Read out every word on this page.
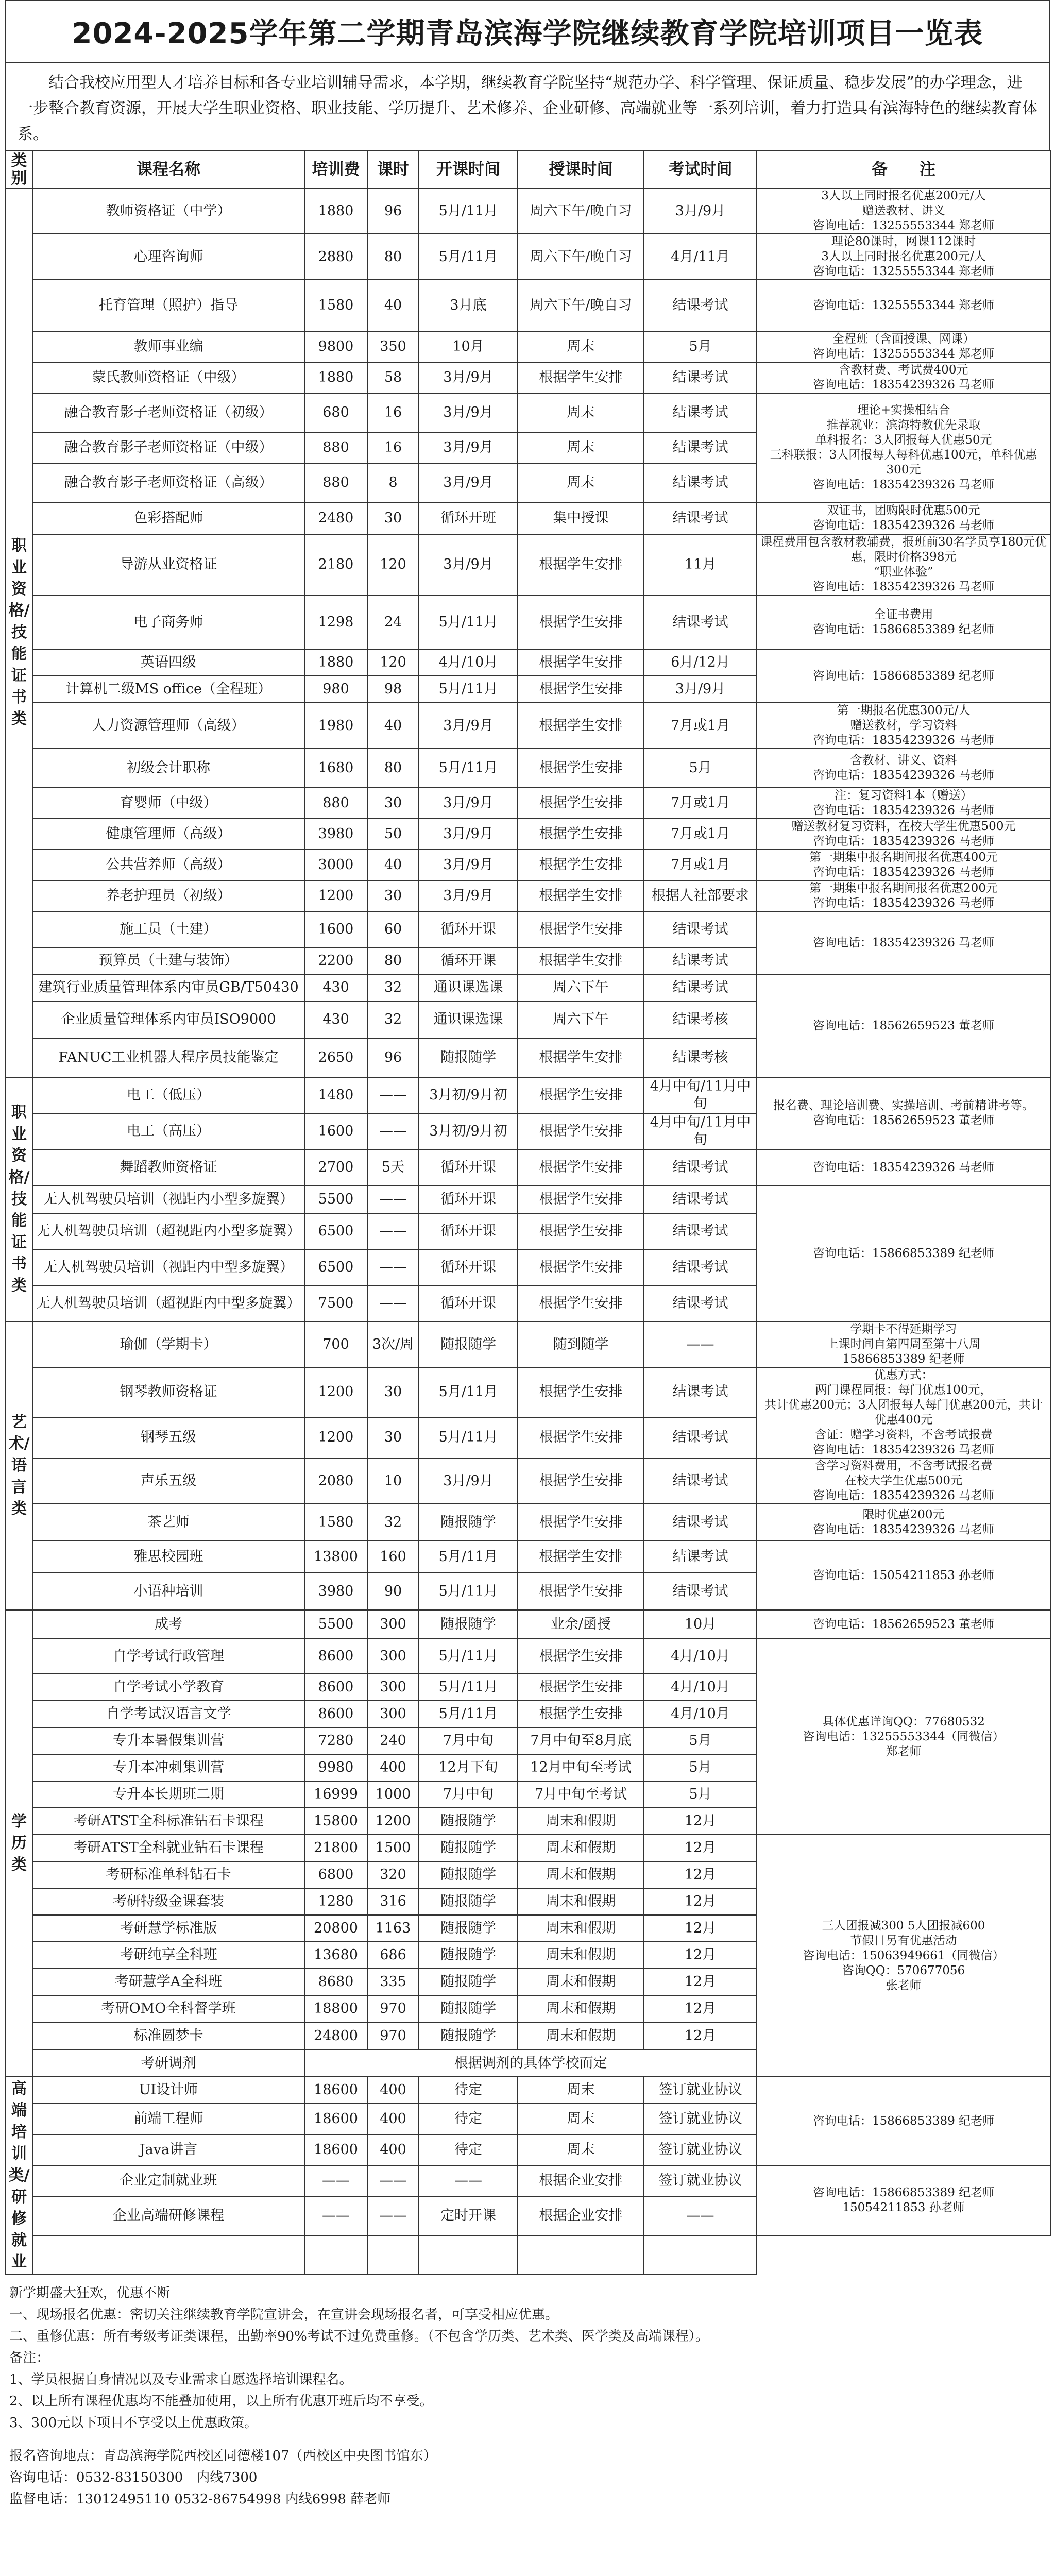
2024-2025学年第二学期青岛滨海学院继续教育学院培训项目一览表
结合我校应用型人才培养目标和各专业培训辅导需求，本学期，继续教育学院坚持“规范办学、科学管理、保证质量、稳步发展”的办学理念，进一步整合教育资源，开展大学生职业资格、职业技能、学历提升、艺术修养、企业研修、高端就业等一系列培训，着力打造具有滨海特色的继续教育体系。
类别	课程名称	培训费	课时	开课时间	授课时间	考试时间	备　　注
职业资格/技能证书类	教师资格证（中学）	1880	96	5月/11月	周六下午/晚自习	3月/9月	3人以上同时报名优惠200元/人
赠送教材、讲义
咨询电话：13255553344 郑老师
	心理咨询师	2880	80	5月/11月	周六下午/晚自习	4月/11月	理论80课时，网课112课时
3人以上同时报名优惠200元/人
咨询电话：13255553344 郑老师
	托育管理（照护）指导	1580	40	3月底	周六下午/晚自习	结课考试	咨询电话：13255553344 郑老师
	教师事业编	9800	350	10月	周末	5月	全程班（含面授课、网课）
咨询电话：13255553344 郑老师
	蒙氏教师资格证（中级）	1880	58	3月/9月	根据学生安排	结课考试	含教材费、考试费400元
咨询电话：18354239326 马老师
	融合教育影子老师资格证（初级）	680	16	3月/9月	周末	结课考试	理论+实操相结合
推荐就业：滨海特教优先录取
单科报名：3人团报每人优惠50元
三科联报：3人团报每人每科优惠100元，单科优惠300元
咨询电话：18354239326 马老师
	融合教育影子老师资格证（中级）	880	16	3月/9月	周末	结课考试	
	融合教育影子老师资格证（高级）	880	8	3月/9月	周末	结课考试	
	色彩搭配师	2480	30	循环开班	集中授课	结课考试	双证书，团购限时优惠500元
咨询电话：18354239326 马老师
	导游从业资格证	2180	120	3月/9月	根据学生安排	11月	课程费用包含教材教辅费，报班前30名学员享180元优惠，限时价格398元
“职业体验”
咨询电话：18354239326 马老师
	电子商务师	1298	24	5月/11月	根据学生安排	结课考试	全证书费用
咨询电话：15866853389 纪老师
	英语四级	1880	120	4月/10月	根据学生安排	6月/12月	咨询电话：15866853389 纪老师
	计算机二级MS office（全程班）	980	98	5月/11月	根据学生安排	3月/9月	
	人力资源管理师（高级）	1980	40	3月/9月	根据学生安排	7月或1月	第一期报名优惠300元/人
赠送教材，学习资料
咨询电话：18354239326 马老师
	初级会计职称	1680	80	5月/11月	根据学生安排	5月	含教材、讲义、资料
咨询电话：18354239326 马老师
	育婴师（中级）	880	30	3月/9月	根据学生安排	7月或1月	注：复习资料1本（赠送）
咨询电话：18354239326 马老师
	健康管理师（高级）	3980	50	3月/9月	根据学生安排	7月或1月	赠送教材复习资料，在校大学生优惠500元
咨询电话：18354239326 马老师
	公共营养师（高级）	3000	40	3月/9月	根据学生安排	7月或1月	第一期集中报名期间报名优惠400元
咨询电话：18354239326 马老师
	养老护理员（初级）	1200	30	3月/9月	根据学生安排	根据人社部要求	第一期集中报名期间报名优惠200元
咨询电话：18354239326 马老师
	施工员（土建）	1600	60	循环开课	根据学生安排	结课考试	咨询电话：18354239326 马老师
	预算员（土建与装饰）	2200	80	循环开课	根据学生安排	结课考试	
	建筑行业质量管理体系内审员GB/T50430	430	32	通识课选课	周六下午	结课考试	咨询电话：18562659523 董老师
	企业质量管理体系内审员ISO9000	430	32	通识课选课	周六下午	结课考核	
	FANUC工业机器人程序员技能鉴定	2650	96	随报随学	根据学生安排	结课考核	
职业资格/技能证书类	电工（低压）	1480	——	3月初/9月初	根据学生安排	4月中旬/11月中旬	报名费、理论培训费、实操培训、考前精讲考等。
咨询电话：18562659523 董老师
	电工（高压）	1600	——	3月初/9月初	根据学生安排	4月中旬/11月中旬	
	舞蹈教师资格证	2700	5天	循环开课	根据学生安排	结课考试	咨询电话：18354239326 马老师
	无人机驾驶员培训（视距内小型多旋翼）	5500	——	循环开课	根据学生安排	结课考试	咨询电话：15866853389 纪老师
	无人机驾驶员培训（超视距内小型多旋翼）	6500	——	循环开课	根据学生安排	结课考试	
	无人机驾驶员培训（视距内中型多旋翼）	6500	——	循环开课	根据学生安排	结课考试	
	无人机驾驶员培训（超视距内中型多旋翼）	7500	——	循环开课	根据学生安排	结课考试	
艺术/语言类	瑜伽（学期卡）	700	3次/周	随报随学	随到随学	——	学期卡不得延期学习
上课时间自第四周至第十八周
15866853389 纪老师
	钢琴教师资格证	1200	30	5月/11月	根据学生安排	结课考试	优惠方式：
两门课程同报：每门优惠100元，
共计优惠200元；3人团报每人每门优惠200元，共计优惠400元
含证：赠学习资料，不含考试报费
咨询电话：18354239326 马老师
	钢琴五级	1200	30	5月/11月	根据学生安排	结课考试	
	声乐五级	2080	10	3月/9月	根据学生安排	结课考试	含学习资料费用，不含考试报名费
在校大学生优惠500元
咨询电话：18354239326 马老师
	茶艺师	1580	32	随报随学	根据学生安排	结课考试	限时优惠200元
咨询电话：18354239326 马老师
	雅思校园班	13800	160	5月/11月	根据学生安排	结课考试	咨询电话：15054211853 孙老师
	小语种培训	3980	90	5月/11月	根据学生安排	结课考试	
学历类	成考	5500	300	随报随学	业余/函授	10月	咨询电话：18562659523 董老师
	自学考试行政管理	8600	300	5月/11月	根据学生安排	4月/10月	具体优惠详询QQ：77680532
咨询电话：13255553344（同微信）
郑老师
	自学考试小学教育	8600	300	5月/11月	根据学生安排	4月/10月	
	自学考试汉语言文学	8600	300	5月/11月	根据学生安排	4月/10月	
	专升本暑假集训营	7280	240	7月中旬	7月中旬至8月底	5月	
	专升本冲刺集训营	9980	400	12月下旬	12月中旬至考试	5月	
	专升本长期班二期	16999	1000	7月中旬	7月中旬至考试	5月	
	考研ATST全科标准钻石卡课程	15800	1200	随报随学	周末和假期	12月	
	考研ATST全科就业钻石卡课程	21800	1500	随报随学	周末和假期	12月	三人团报减300 5人团报减600
节假日另有优惠活动
咨询电话：15063949661（同微信）
咨询QQ：570677056
张老师
	考研标准单科钻石卡	6800	320	随报随学	周末和假期	12月	
	考研特级金课套装	1280	316	随报随学	周末和假期	12月	
	考研慧学标准版	20800	1163	随报随学	周末和假期	12月	
	考研纯享全科班	13680	686	随报随学	周末和假期	12月	
	考研慧学A全科班	8680	335	随报随学	周末和假期	12月	
	考研OMO全科督学班	18800	970	随报随学	周末和假期	12月	
	标准圆梦卡	24800	970	随报随学	周末和假期	12月	
	考研调剂	根据调剂的具体学校而定					
高端培训类/研修就业	UI设计师	18600	400	待定	周末	签订就业协议	咨询电话：15866853389 纪老师
	前端工程师	18600	400	待定	周末	签订就业协议	
	Java讲言	18600	400	待定	周末	签订就业协议	
	企业定制就业班	——	——	——	根据企业安排	签订就业协议	咨询电话：15866853389 纪老师
15054211853 孙老师
	企业高端研修课程	——	——	定时开课	根据企业安排	——	

新学期盛大狂欢，优惠不断
一、现场报名优惠：密切关注继续教育学院宣讲会，在宣讲会现场报名者，可享受相应优惠。
二、重修优惠：所有考级考证类课程，出勤率90%考试不过免费重修。（不包含学历类、艺术类、医学类及高端课程）。
备注：
1、学员根据自身情况以及专业需求自愿选择培训课程名。
2、以上所有课程优惠均不能叠加使用，以上所有优惠开班后均不享受。
3、300元以下项目不享受以上优惠政策。
报名咨询地点：青岛滨海学院西校区同德楼107（西校区中央图书馆东）
咨询电话：0532-83150300　内线7300
监督电话：13012495110 0532-86754998 内线6998 薛老师
